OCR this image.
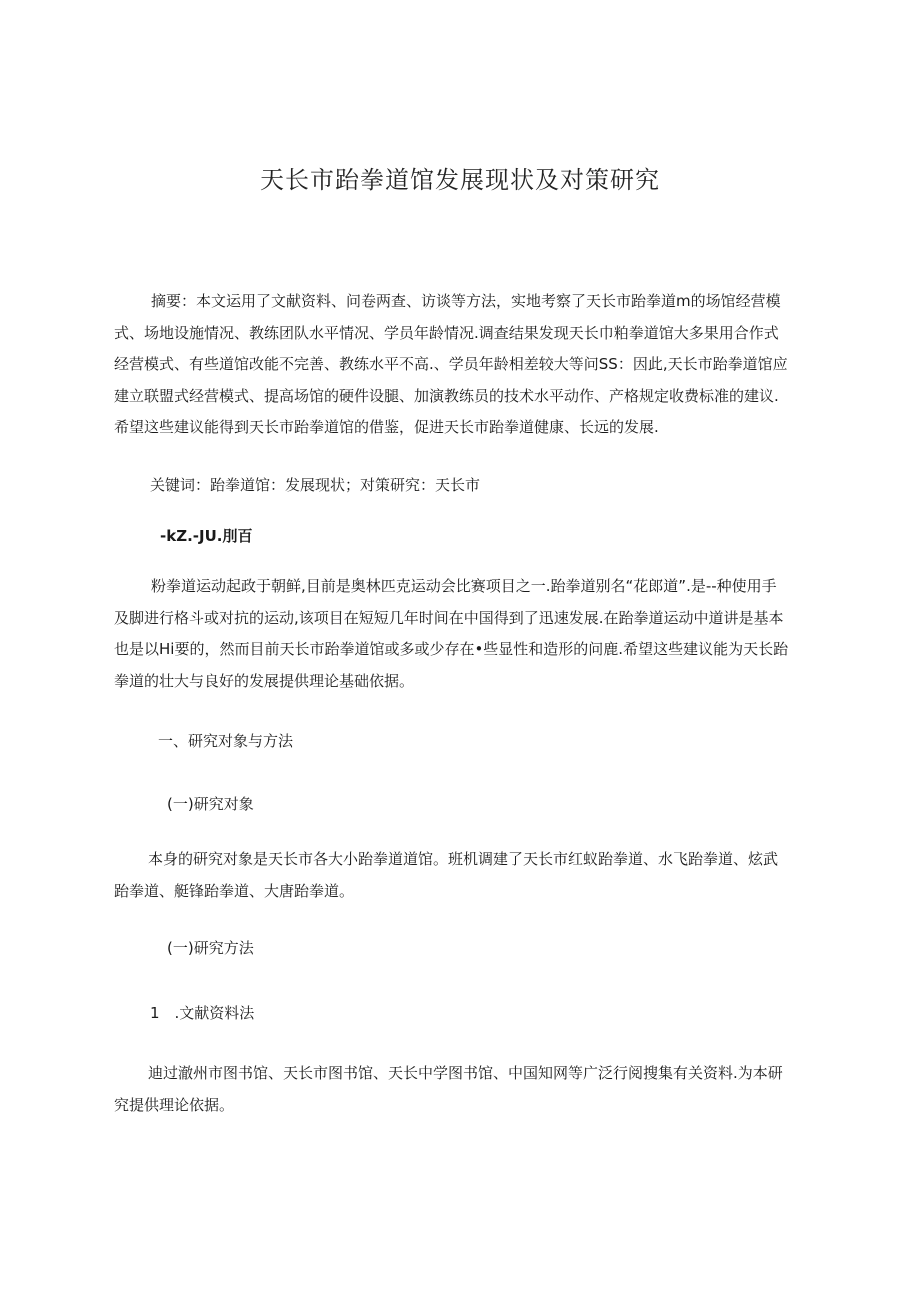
天长市跆拳道馆发展现状及对策研究
摘要：本文运用了文献资料、问卷两查、访谈等方法，实地考察了天长市跆拳道m的场馆经营模
式、场地设施情况、教练团队水平情况、学员年龄情况.调查结果发现天长巾粕拳道馆大多果用合作式
经营模式、有些道馆改能不完善、教练水平不高.、学员年龄相差较大等问SS：因此,天长市跆拳道馆应
建立联盟式经营模式、提高场馆的硬件设腿、加演教练员的技术水平动作、产格规定收费标准的建议.
希望这些建议能得到天长市跆拳道馆的借鉴，促进天长市跆拳道健康、长远的发展.
关键词：跆拳道馆：发展现状；对策研究：天长市
-kZ.-JU.刖百
粉拳道运动起政于朝鲜,目前是奥林匹克运动会比赛项目之一.跆拳道别名“花郎道”.是--种使用手
及脚进行格斗或对抗的运动,该项目在短短几年时间在中国得到了迅速发展.在跆拳道运动中道讲是基本
也是以Hi要的，然而目前天长市跆拳道馆或多或少存在•些显性和造形的问鹿.希望这些建议能为天长跆
拳道的壮大与良好的发展提供理论基础依据。
一、研究对象与方法
(一)研究对象
本身的研究对象是天长市各大小跆拳道道馆。班机调建了天长市红蚁跆拳道、水飞跆拳道、炫武
跆拳道、艇锋跆拳道、大唐跆拳道。
(一)研究方法
1　.文献资料法
迪过澈州市图书馆、天长市图书馆、天长中学图书馆、中国知网等广泛行阅搜集有关资料.为本研
究提供理论依据。
